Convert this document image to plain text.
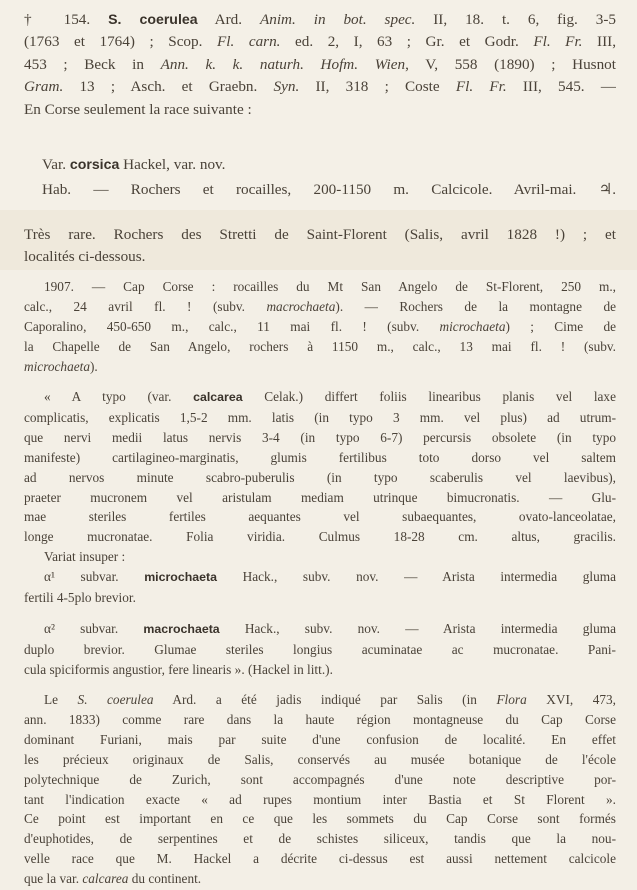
† 154. S. coerulea Ard. Anim. in bot. spec. II, 18. t. 6, fig. 3-5
(1763 et 1764) ; Scop. Fl. carn. ed. 2, I, 63 ; Gr. et Godr. Fl. Fr. III,
453 ; Beck in Ann. k. k. naturh. Hofm. Wien, V, 558 (1890) ; Husnot
Gram. 13 ; Asch. et Graebn. Syn. II, 318 ; Coste Fl. Fr. III, 545. —
En Corse seulement la race suivante :
Var. corsica Hackel, var. nov.
Hab. — Rochers et rocailles, 200-1150 m. Calcicole. Avril-mai. ♃.
Très rare. Rochers des Stretti de Saint-Florent (Salis, avril 1828 !) ; et
localités ci-dessous.
1907. — Cap Corse : rocailles du Mt San Angelo de St-Florent, 250 m.,
calc., 24 avril fl. ! (subv. macrochaeta). — Rochers de la montagne de
Caporalino, 450-650 m., calc., 11 mai fl. ! (subv. microchaeta) ; Cime de
la Chapelle de San Angelo, rochers à 1150 m., calc., 13 mai fl. ! (subv.
microchaeta).
« A typo (var. calcarea Celak.) differt foliis linearibus planis vel laxe
complicatis, explicatis 1,5-2 mm. latis (in typo 3 mm. vel plus) ad utrum-
que nervi medii latus nervis 3-4 (in typo 6-7) percursis obsolete (in typo
manifeste) cartilagineo-marginatis, glumis fertilibus toto dorso vel saltem
ad nervos minute scabro-puberulis (in typo scaberulis vel laevibus),
praeter mucronem vel aristulam mediam utrinque bimucronatis. — Glu-
mae steriles fertiles aequantes vel subaequantes, ovato-lanceolatae,
longe mucronatae. Folia viridia. Culmus 18-28 cm. altus, gracilis.
Variat insuper :
α¹ subvar. microchaeta Hack., subv. nov. — Arista intermedia gluma
fertili 4-5plo brevior.
α² subvar. macrochaeta Hack., subv. nov. — Arista intermedia gluma
duplo brevior. Glumae steriles longius acuminatae ac mucronatae. Pani-
cula spiciformis angustior, fere linearis ». (Hackel in litt.).
Le S. coerulea Ard. a été jadis indiqué par Salis (in Flora XVI, 473,
ann. 1833) comme rare dans la haute région montagneuse du Cap Corse
dominant Furiani, mais par suite d'une confusion de localité. En effet
les précieux originaux de Salis, conservés au musée botanique de l'école
polytechnique de Zurich, sont accompagnés d'une note descriptive por-
tant l'indication exacte « ad rupes montium inter Bastia et St Florent ».
Ce point est important en ce que les sommets du Cap Corse sont formés
d'euphotides, de serpentines et de schistes siliceux, tandis que la nou-
velle race que M. Hackel a décrite ci-dessus est aussi nettement calcicole
que la var. calcarea du continent.
